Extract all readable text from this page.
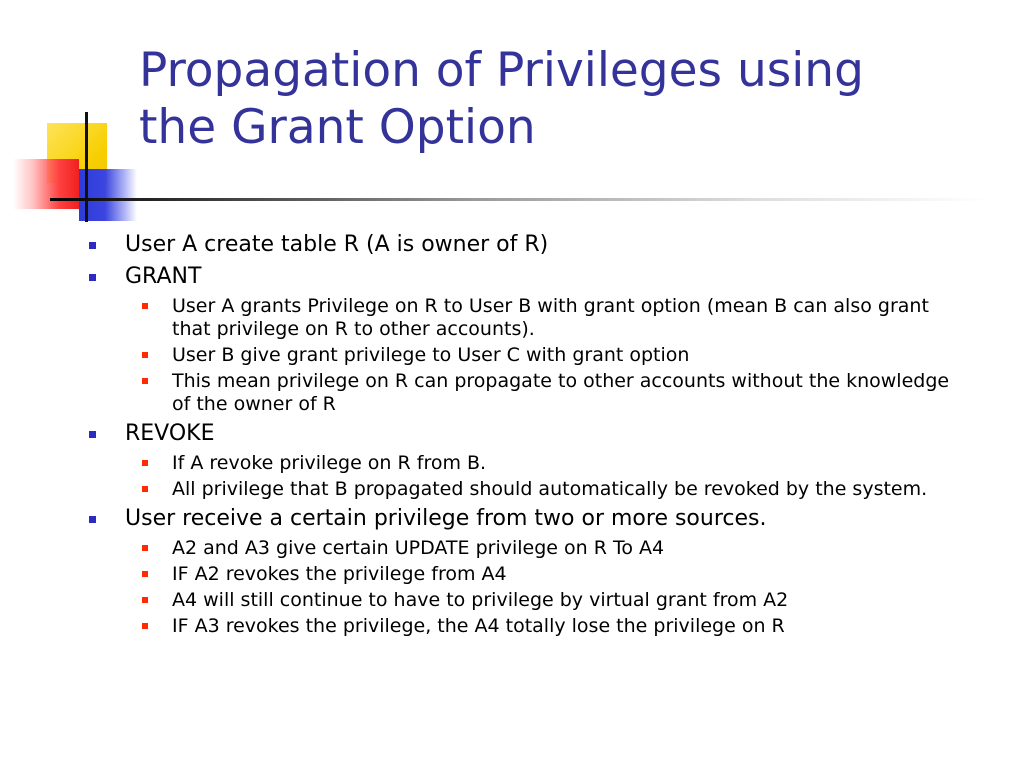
Propagation of Privileges using
the Grant Option
User A create table R (A is owner of R)
GRANT
User A grants Privilege on R to User B with grant option (mean B can also grant that privilege on R to other accounts).
User B give grant privilege to User C with grant option
This mean privilege on R can propagate to other accounts without the knowledge of the owner of R
REVOKE
If A revoke privilege on R from B.
All privilege that B propagated should automatically be revoked by the system.
User receive a certain privilege from two or more sources.
A2 and A3 give certain UPDATE privilege on R To A4
IF A2 revokes the privilege from A4
A4 will still continue to have to privilege by virtual grant from A2
IF A3 revokes the privilege, the A4 totally lose the privilege on R
